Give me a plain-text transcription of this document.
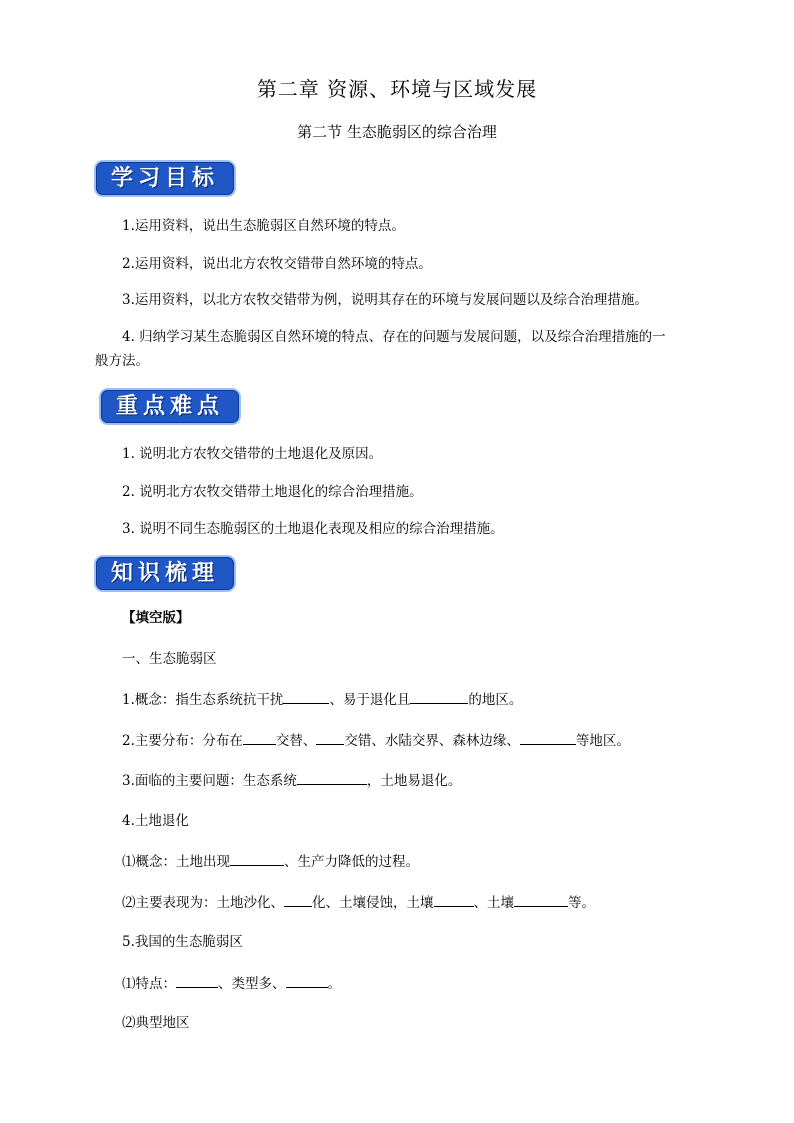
第二章 资源、环境与区域发展
第二节 生态脆弱区的综合治理
学习目标
1.运用资料，说出生态脆弱区自然环境的特点。
2.运用资料，说出北方农牧交错带自然环境的特点。
3.运用资料，以北方农牧交错带为例，说明其存在的环境与发展问题以及综合治理措施。
4. 归纳学习某生态脆弱区自然环境的特点、存在的问题与发展问题，以及综合治理措施的一般方法。
重点难点
1. 说明北方农牧交错带的土地退化及原因。
2. 说明北方农牧交错带土地退化的综合治理措施。
3. 说明不同生态脆弱区的土地退化表现及相应的综合治理措施。
知识梳理
【填空版】
一、生态脆弱区
1.概念：指生态系统抗干扰	、易于退化且	的地区。
2.主要分布：分布在 交替、 交错、水陆交界、森林边缘、	等地区。
3.面临的主要问题：生态系统	，土地易退化。
4.土地退化
⑴概念：土地出现	、生产力降低的过程。
⑵主要表现为：土地沙化、 化、土壤侵蚀，土壤	、土壤	等。
5.我国的生态脆弱区
⑴特点：	、类型多、	。
⑵典型地区
